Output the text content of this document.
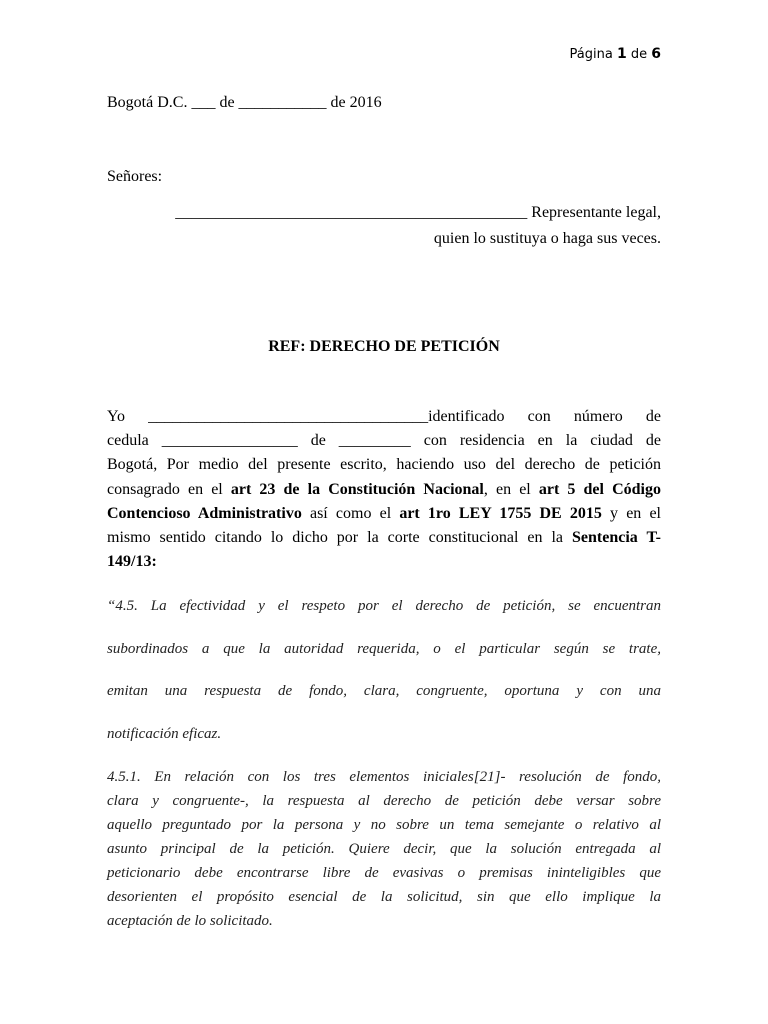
Página 1 de 6
Bogotá D.C. ___ de ___________ de 2016
Señores:
____________________________________________ Representante legal,
quien lo sustituya o haga sus veces.
REF: DERECHO DE PETICIÓN
Yo ___________________________________identificado con número de
cedula _________________ de _________ con residencia en la ciudad de
Bogotá, Por medio del presente escrito, haciendo uso del derecho de petición
consagrado en el art 23 de la Constitución Nacional, en el art 5 del Código
Contencioso Administrativo así como el art 1ro LEY 1755 DE 2015 y en el
mismo sentido citando lo dicho por la corte constitucional en la Sentencia T-
149/13:
“4.5. La efectividad y el respeto por el derecho de petición, se encuentran
subordinados a que la autoridad requerida, o el particular según se trate,
emitan una respuesta de fondo, clara, congruente, oportuna y con una
notificación eficaz.
4.5.1. En relación con los tres elementos iniciales[21]- resolución de fondo,
clara y congruente-, la respuesta al derecho de petición debe versar sobre
aquello preguntado por la persona y no sobre un tema semejante o relativo al
asunto principal de la petición. Quiere decir, que la solución entregada al
peticionario debe encontrarse libre de evasivas o premisas ininteligibles que
desorienten el propósito esencial de la solicitud, sin que ello implique la
aceptación de lo solicitado.
